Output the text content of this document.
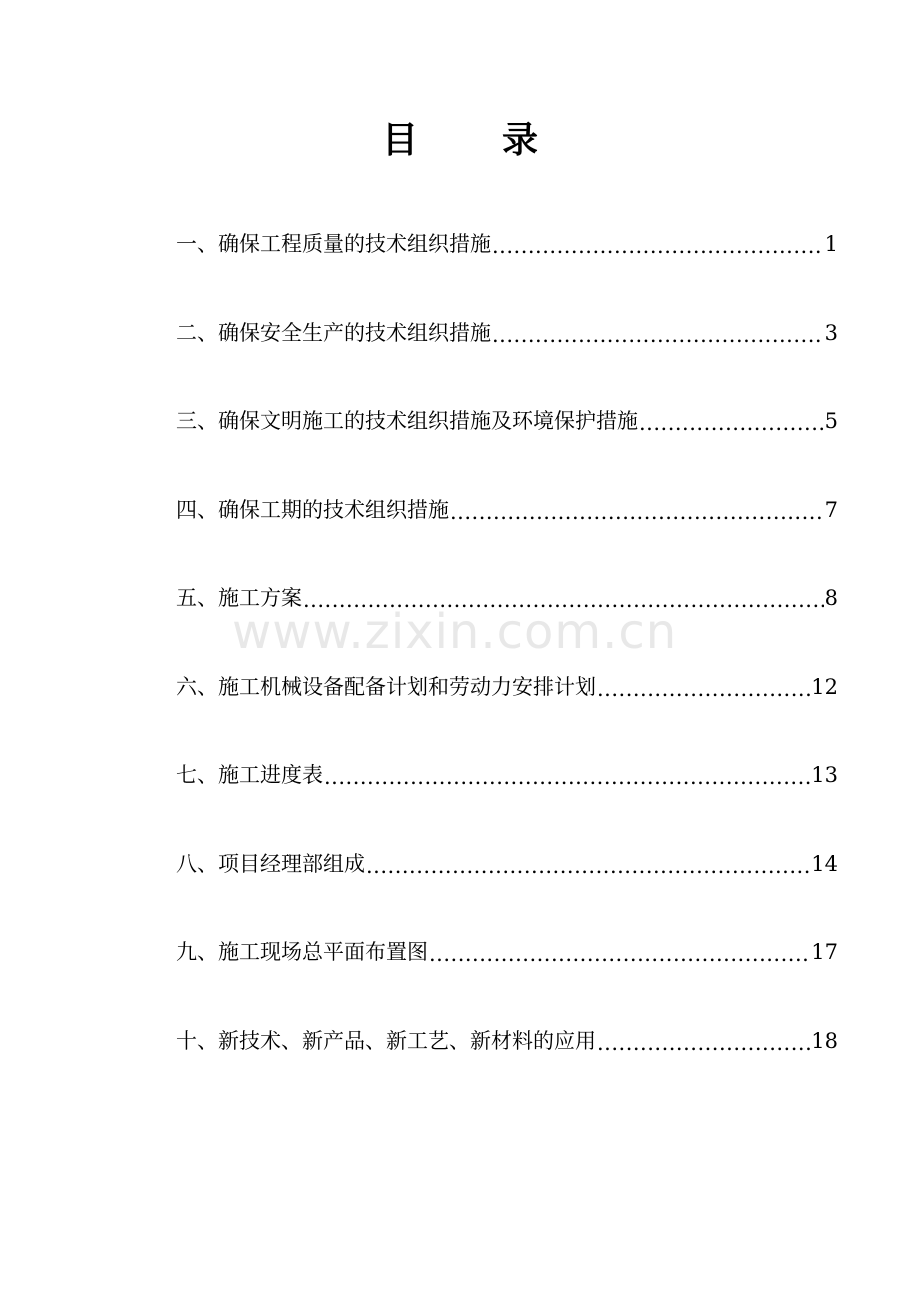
目 录
一、 确保工程质量的技术组织措施 .....	1
二、 确保安全生产的技术组织措施 .....	3
三、 确保文明施工的技术组织措施及环境保护措施 .....	5
四、 确保工期的技术组织措施 .....	7
五、 施工方案 .....	8
六、 施工机械设备配备计划和劳动力安排计划 .....	12
七、 施工进度表 .....	13
八、 项目经理部组成 .....	14
九、 施工现场总平面布置图 .....	17
十、 新技术、新产品、新工艺、新材料的应用 .....	18
www.zixin.com.cn
